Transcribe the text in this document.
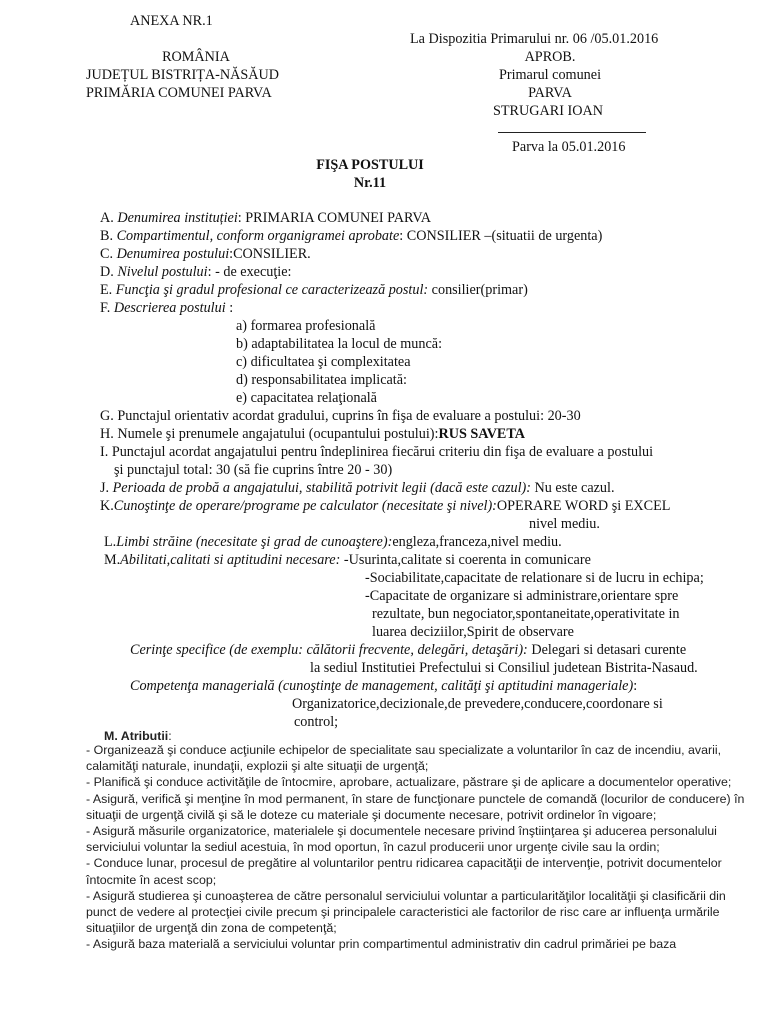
ANEXA NR.1
La Dispozitia Primarului nr. 06 /05.01.2016
ROMÂNIA
JUDEȚUL BISTRIȚA-NĂSĂUD
PRIMĂRIA COMUNEI PARVA
APROB.
Primarul comunei
PARVA
STRUGARI IOAN
Parva la 05.01.2016
FIŞA POSTULUI
Nr.11
A. Denumirea instituției: PRIMARIA COMUNEI PARVA
B. Compartimentul, conform organigramei aprobate: CONSILIER –(situatii de urgenta)
C. Denumirea postului:CONSILIER.
D. Nivelul postului: - de execuţie:
E. Funcţia şi gradul profesional ce caracterizează postul: consilier(primar)
F. Descrierea postului :
a) formarea profesională
b) adaptabilitatea la locul de muncă:
c) dificultatea şi complexitatea
d) responsabilitatea implicată:
e) capacitatea relaţională
G. Punctajul orientativ acordat gradului, cuprins în fişa de evaluare a postului: 20-30
H. Numele şi prenumele angajatului (ocupantului postului):RUS SAVETA
I. Punctajul acordat angajatului pentru îndeplinirea fiecărui criteriu din fişa de evaluare a postului
şi punctajul total: 30 (să fie cuprins între 20 - 30)
J. Perioada de probă a angajatului, stabilită potrivit legii (dacă este cazul): Nu este cazul.
K.Cunoştinţe de operare/programe pe calculator (necesitate şi nivel):OPERARE WORD şi EXCEL
nivel mediu.
L.Limbi străine (necesitate şi grad de cunoaştere):engleza,franceza,nivel mediu.
M.Abilitati,calitati si aptitudini necesare: -Usurinta,calitate si coerenta in comunicare
-Sociabilitate,capacitate de relationare si de lucru in echipa;
-Capacitate de organizare si administrare,orientare spre
rezultate, bun negociator,spontaneitate,operativitate in
luarea deciziilor,Spirit de observare
Cerinţe specifice (de exemplu: călătorii frecvente, delegări, detaşări): Delegari si detasari curente
la sediul Institutiei Prefectului si Consiliul judetean Bistrita-Nasaud.
Competenţa managerială (cunoştinţe de management, calităţi şi aptitudini manageriale):
Organizatorice,decizionale,de prevedere,conducere,coordonare si
control;
M. Atributii:

- Organizează şi conduce acţiunile echipelor de specialitate sau specializate a voluntarilor în caz de incendiu, avarii, calamităţi naturale, inundaţii, explozii şi alte situaţii de urgenţă;

- Planifică şi conduce activităţile de întocmire, aprobare, actualizare, păstrare şi de aplicare a documentelor operative;

- Asigură, verifică şi menţine în mod permanent, în stare de funcţionare punctele de comandă (locurilor de conducere) în situaţii de urgenţă civilă şi să le doteze cu materiale şi documente necesare, potrivit ordinelor în vigoare;

- Asigură măsurile organizatorice, materialele şi documentele necesare privind înştiinţarea şi aducerea personalului serviciului voluntar la sediul acestuia, în mod oportun, în cazul producerii unor urgenţe civile sau la ordin;

- Conduce lunar, procesul de pregătire al voluntarilor pentru ridicarea capacităţii de intervenţie, potrivit documentelor întocmite în acest scop;

- Asigură studierea şi cunoaşterea de către personalul serviciului voluntar a particularităţilor localităţii şi clasificării din punct de vedere al protecţiei civile precum şi principalele caracteristici ale factorilor de risc care ar influenţa urmările situaţiilor de urgenţă din zona de competenţă;

- Asigură baza materială a serviciului voluntar prin compartimentul administrativ din cadrul primăriei pe baza
